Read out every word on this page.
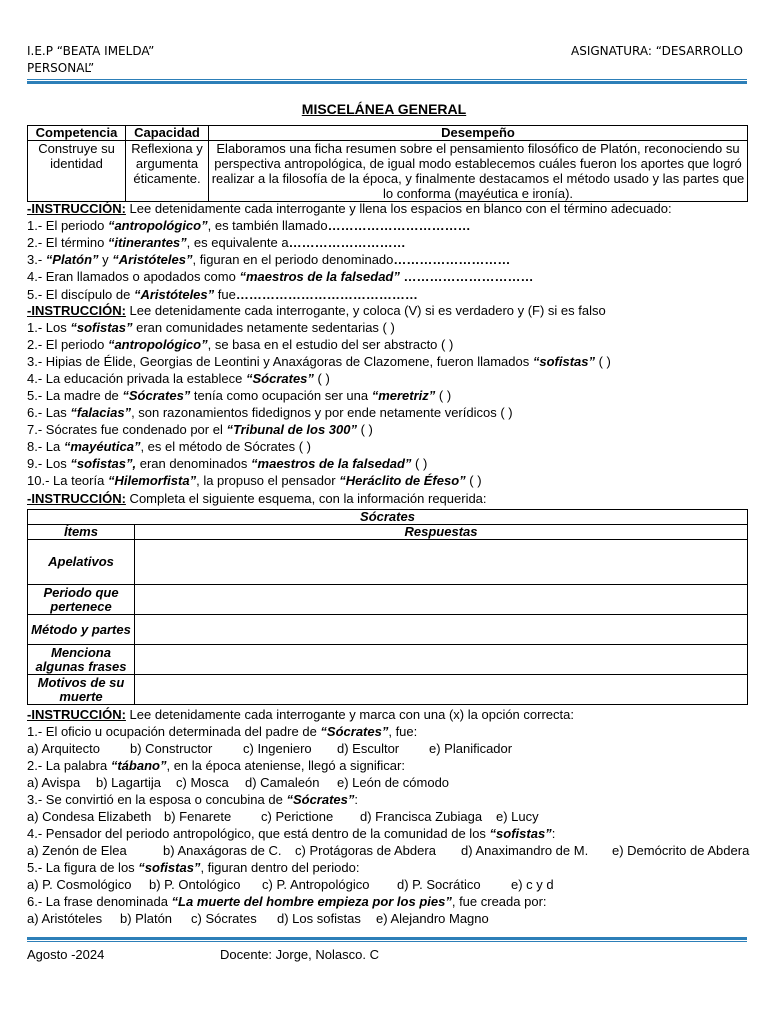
I.E.P “BEATA IMELDA”	ASIGNATURA: “DESARROLLO
PERSONAL”
MISCELÁNEA GENERAL
Competencia	Capacidad	Desempeño
Construye su identidad	Reflexiona y argumenta éticamente.	Elaboramos una ficha resumen sobre el pensamiento filosófico de Platón, reconociendo su perspectiva antropológica, de igual modo establecemos cuáles fueron los aportes que logró realizar a la filosofía de la época, y finalmente destacamos el método usado y las partes que lo conforma (mayéutica e ironía).
-INSTRUCCIÓN: Lee detenidamente cada interrogante y llena los espacios en blanco con el término adecuado:
1.- El periodo “antropológico”, es también llamado……………………………
2.- El término “itinerantes”, es equivalente a………………………
3.- “Platón” y “Aristóteles”, figuran en el periodo denominado………………………
4.- Eran llamados o apodados como “maestros de la falsedad” …………………………
5.- El discípulo de “Aristóteles” fue……………………………………
-INSTRUCCIÓN: Lee detenidamente cada interrogante, y coloca (V) si es verdadero y (F) si es falso
1.- Los “sofistas” eran comunidades netamente sedentarias ( )
2.- El periodo “antropológico”, se basa en el estudio del ser abstracto ( )
3.- Hipias de Élide, Georgias de Leontini y Anaxágoras de Clazomene, fueron llamados “sofistas” ( )
4.- La educación privada la establece “Sócrates” ( )
5.- La madre de “Sócrates” tenía como ocupación ser una “meretriz” ( )
6.- Las “falacias”, son razonamientos fidedignos y por ende netamente verídicos ( )
7.- Sócrates fue condenado por el “Tribunal de los 300” ( )
8.- La “mayéutica”, es el método de Sócrates ( )
9.- Los “sofistas”, eran denominados “maestros de la falsedad” ( )
10.- La teoría “Hilemorfista”, la propuso el pensador “Heráclito de Éfeso” ( )
-INSTRUCCIÓN: Completa el siguiente esquema, con la información requerida:
Sócrates	
Ítems	Respuestas
Apelativos	
Periodo que pertenece	
Método y partes	
Menciona algunas frases	
Motivos de su muerte	
-INSTRUCCIÓN: Lee detenidamente cada interrogante y marca con una (x) la opción correcta:
1.- El oficio u ocupación determinada del padre de “Sócrates”, fue:
a) Arquitecto b) Constructor c) Ingeniero d) Escultor e) Planificador
2.- La palabra “tábano”, en la época ateniense, llegó a significar:
a) Avispa b) Lagartija c) Mosca d) Camaleón e) León de cómodo
3.- Se convirtió en la esposa o concubina de “Sócrates”:
a) Condesa Elizabeth b) Fenarete c) Perictione d) Francisca Zubiaga e) Lucy
4.- Pensador del periodo antropológico, que está dentro de la comunidad de los “sofistas”:
a) Zenón de Elea	b) Anaxágoras de C. c) Protágoras de Abdera d) Anaximandro de M. e) Demócrito de Abdera
5.- La figura de los “sofistas”, figuran dentro del periodo:
a) P. Cosmológico b) P. Ontológico c) P. Antropológico d) P. Socrático e) c y d
6.- La frase denominada “La muerte del hombre empieza por los pies”, fue creada por:
a) Aristóteles b) Platón c) Sócrates d) Los sofistas e) Alejandro Magno
Agosto -2024	Docente: Jorge, Nolasco. C
